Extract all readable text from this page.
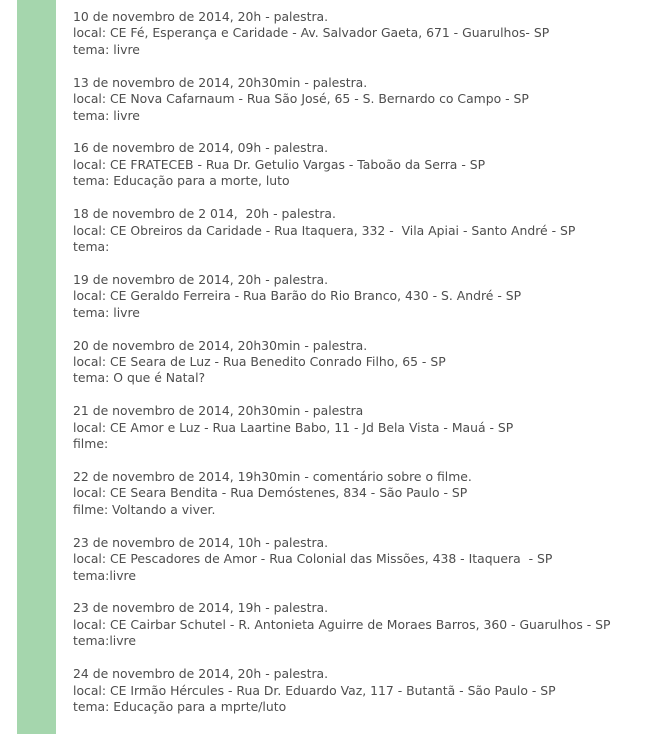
10 de novembro de 2014, 20h - palestra.
local: CE Fé, Esperança e Caridade - Av. Salvador Gaeta, 671 - Guarulhos- SP
tema: livre
13 de novembro de 2014, 20h30min - palestra.
local: CE Nova Cafarnaum - Rua São José, 65 - S. Bernardo co Campo - SP
tema: livre
16 de novembro de 2014, 09h - palestra.
local: CE FRATECEB - Rua Dr. Getulio Vargas - Taboão da Serra - SP
tema: Educação para a morte, luto
18 de novembro de 2 014,  20h - palestra.
local: CE Obreiros da Caridade - Rua Itaquera, 332 -  Vila Apiai - Santo André - SP
tema:
19 de novembro de 2014, 20h - palestra.
local: CE Geraldo Ferreira - Rua Barão do Rio Branco, 430 - S. André - SP
tema: livre
20 de novembro de 2014, 20h30min - palestra.
local: CE Seara de Luz - Rua Benedito Conrado Filho, 65 - SP
tema: O que é Natal?
21 de novembro de 2014, 20h30min - palestra
local: CE Amor e Luz - Rua Laartine Babo, 11 - Jd Bela Vista - Mauá - SP
filme:
22 de novembro de 2014, 19h30min - comentário sobre o filme.
local: CE Seara Bendita - Rua Demóstenes, 834 - São Paulo - SP
filme: Voltando a viver.
23 de novembro de 2014, 10h - palestra.
local: CE Pescadores de Amor - Rua Colonial das Missões, 438 - Itaquera  - SP
tema:livre
23 de novembro de 2014, 19h - palestra.
local: CE Cairbar Schutel - R. Antonieta Aguirre de Moraes Barros, 360 - Guarulhos - SP
tema:livre
24 de novembro de 2014, 20h - palestra.
local: CE Irmão Hércules - Rua Dr. Eduardo Vaz, 117 - Butantã - São Paulo - SP
tema: Educação para a mprte/luto
